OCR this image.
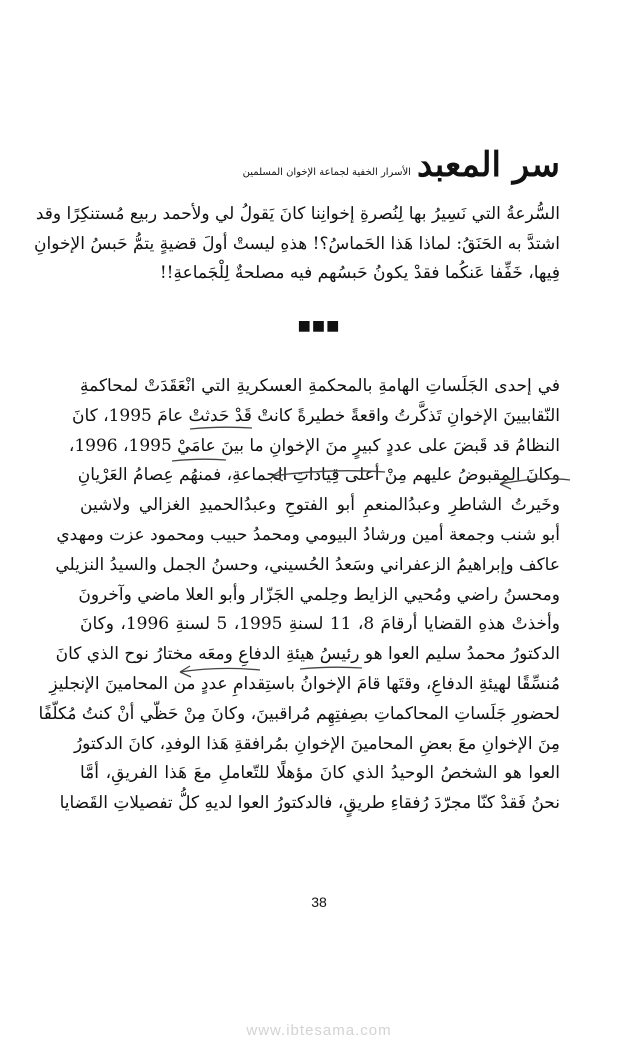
سر المعبد
الأسرار الخفية لجماعة الإخوان المسلمين
السُّرعةُ التي نَسِيرُ بها لِنُصرةِ إخوانِنا كانَ يَقولُ لي ولأحمد ربيع مُستنكِرًا وقد
اشتدَّ به الحَنَقُ: لماذا هَذا الحَماسُ؟! هذهِ ليستْ أولَ قضيةٍ يتمُّ حَبسُ الإخوانِ
فِيها، خَفِّفا عَنكُما فقدْ يكونُ حَبسُهم فيه مصلحةٌ لِلْجَماعةِ!!
■■■
في إحدى الجَلَساتِ الهامةِ بالمحكمةِ العسكريةِ التي انْعَقَدَتْ لمحاكمةِ
النّقابيينَ الإخوانِ تَذكَّرتُ واقعةً خطيرةً كانتْ قَدْ حَدثتْ عامَ 1995، كانَ
النظامُ قد قَبضَ على عددٍ كبيرٍ منَ الإخوانِ ما بينَ عامَيْ 1995، 1996،
وكانَ المقبوضُ عليهم مِنْ أعلى قِياداتِ الجماعةِ، فمنهُم عِصامُ العَرْيانِ
وخَيرتُ الشاطرِ وعبدُالمنعمِ أبو الفتوحِ وعبدُالحميدِ الغزالي ولاشين
أبو شنب وجمعة أمين ورشادُ البيومي ومحمدُ حبيب ومحمود عزت ومهدي
عاكف وإبراهيمُ الزعفراني وسَعدُ الحُسيني، وحسنُ الجمل والسيدُ النزيلي
ومحسنُ راضي ومُحيي الزايط وحِلمي الجَزّار وأبو العلا ماضي وآخرونَ
وأخذتْ هذهِ القضايا أرقامَ 8، 11 لسنةِ 1995، 5 لسنةِ 1996، وكانَ
الدكتورُ محمدُ سليم العوا هو رئيسُ هيئةِ الدفاعِ ومعَه مختارُ نوح الذي كانَ
مُنسِّقًا لهيئةِ الدفاعِ، وقتَها قامَ الإخوانُ باستِقدامِ عددٍ من المحامينَ الإنجليزِ
لحضورِ جَلَساتِ المحاكماتِ بصِفتِهِم مُراقبينَ، وكانَ مِنْ حَظّي أنْ كنتُ مُكلّفًا
مِنَ الإخوانِ معَ بعضِ المحامينَ الإخوانِ بمُرافقةِ هَذا الوفدِ، كانَ الدكتورُ
العوا هو الشخصُ الوحيدُ الذي كانَ مؤهلًا للتّعاملِ معَ هَذا الفريقِ، أمَّا
نحنُ فَقدْ كنّا مجرّدَ رُفقاءِ طريقٍ، فالدكتورُ العوا لديهِ كلُّ تفصيلاتِ القَضايا
38
www.ibtesama.com
